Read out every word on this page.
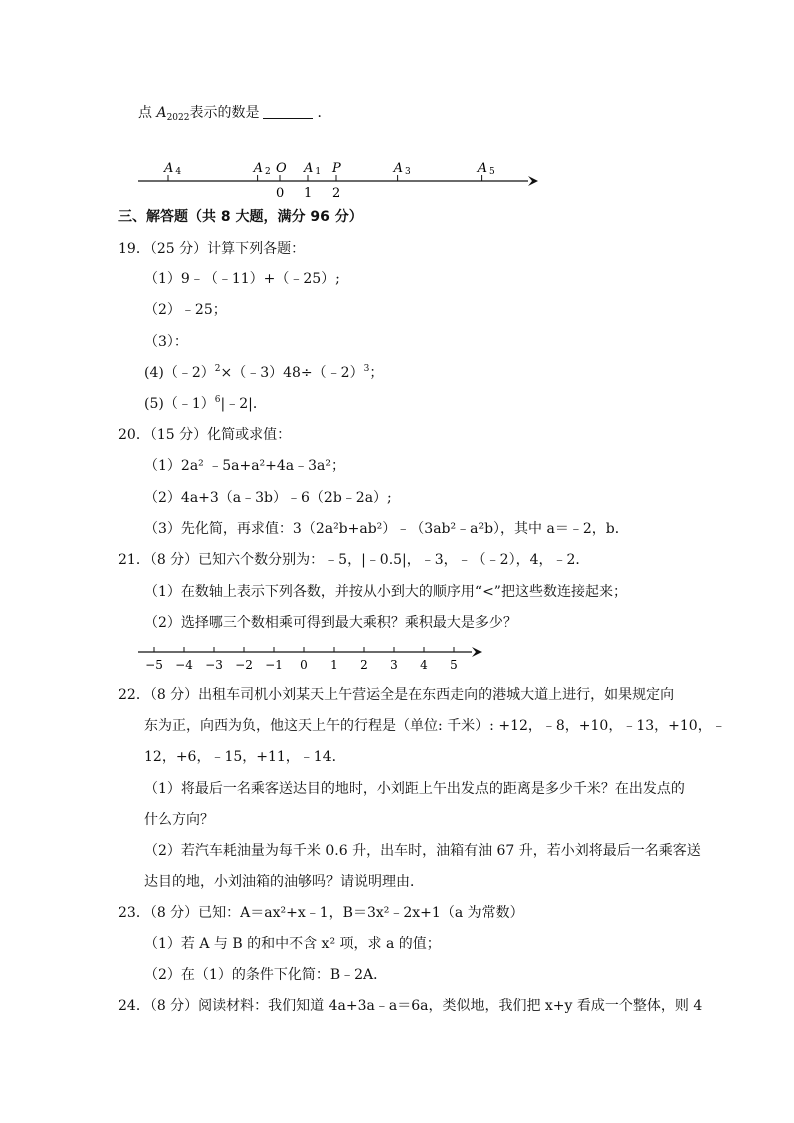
点 $A_{2022}$表示的数是	．
A 4	A 2 O
0
A 1
1
P
2
A 3	A 5
三、解答题（共 8 大题，满分 96 分）
19．（25 分）计算下列各题：
（1）9﹣（﹣11）+（﹣25）;
（2）﹣25；
（3）：
(4)（﹣2）$^2$×（﹣3）48÷（﹣2）$^3$；
(5)（﹣1）$^6$|﹣2|．
20．（15 分）化简或求值：
（1）2a² ﹣5a+a²+4a﹣3a²；
（2）4a+3（a﹣3b）﹣6（2b﹣2a）;
（3）先化简，再求值：3（2a²b+ab²）﹣（3ab²﹣a²b），其中 a＝﹣2，b．
21．（8 分）已知六个数分别为：﹣5，|﹣0.5|，﹣3，﹣（﹣2），4，﹣2．
（1）在数轴上表示下列各数，并按从小到大的顺序用“<”把这些数连接起来；
（2）选择哪三个数相乘可得到最大乘积？乘积最大是多少？
−5 −4 −3 −2 −1 0 1 2 3 4 5
22．（8 分）出租车司机小刘某天上午营运全是在东西走向的港城大道上进行，如果规定向
东为正，向西为负，他这天上午的行程是（单位: 千米）: +12，﹣8，+10，﹣13，+10，﹣
12，+6，﹣15，+11，﹣14．
（1）将最后一名乘客送达目的地时，小刘距上午出发点的距离是多少千米？在出发点的
什么方向？
（2）若汽车耗油量为每千米 0.6 升，出车时，油箱有油 67 升，若小刘将最后一名乘客送
达目的地，小刘油箱的油够吗？请说明理由．
23．（8 分）已知：A＝ax²+x﹣1，B＝3x²﹣2x+1（a 为常数）
（1）若 A 与 B 的和中不含 x² 项，求 a 的值；
（2）在（1）的条件下化简：B﹣2A．
24．（8 分）阅读材料：我们知道 4a+3a﹣a＝6a，类似地，我们把 x+y 看成一个整体，则 4
